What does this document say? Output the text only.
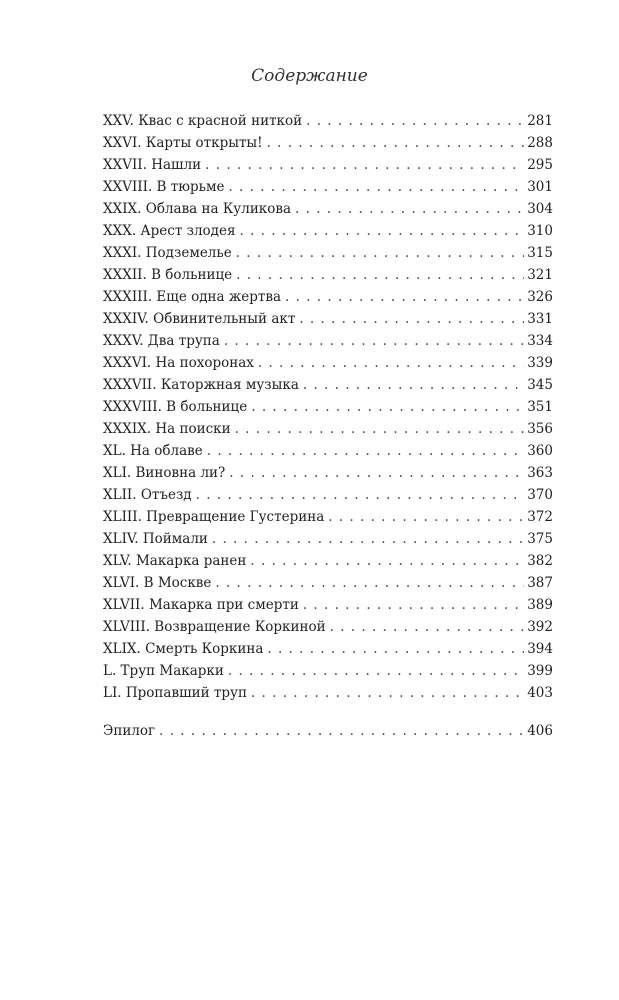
Содержание
XXV. Квас с красной ниткой . . .	281
XXVI. Карты открыты! . . .	288
XXVII. Нашли . . .	295
XXVIII. В тюрьме . . .	301
XXIX. Облава на Куликова . . .	304
XXX. Арест злодея . . .	310
XXXI. Подземелье . . .	315
XXXII. В больнице . . .	321
XXXIII. Еще одна жертва . . .	326
XXXIV. Обвинительный акт . . .	331
XXXV. Два трупа . . .	334
XXXVI. На похоронах . . .	339
XXXVII. Каторжная музыка . . .	345
XXXVIII. В больнице . . .	351
XXXIX. На поиски . . .	356
XL. На облаве . . .	360
XLI. Виновна ли? . . .	363
XLII. Отъезд . . .	370
XLIII. Превращение Густерина . . .	372
XLIV. Поймали . . .	375
XLV. Макарка ранен . . .	382
XLVI. В Москве . . .	387
XLVII. Макарка при смерти . . .	389
XLVIII. Возвращение Коркиной . . .	392
XLIX. Смерть Коркина . . .	394
L. Труп Макарки . . .	399
LI. Пропавший труп . . .	403
Эпилог . . .	406
